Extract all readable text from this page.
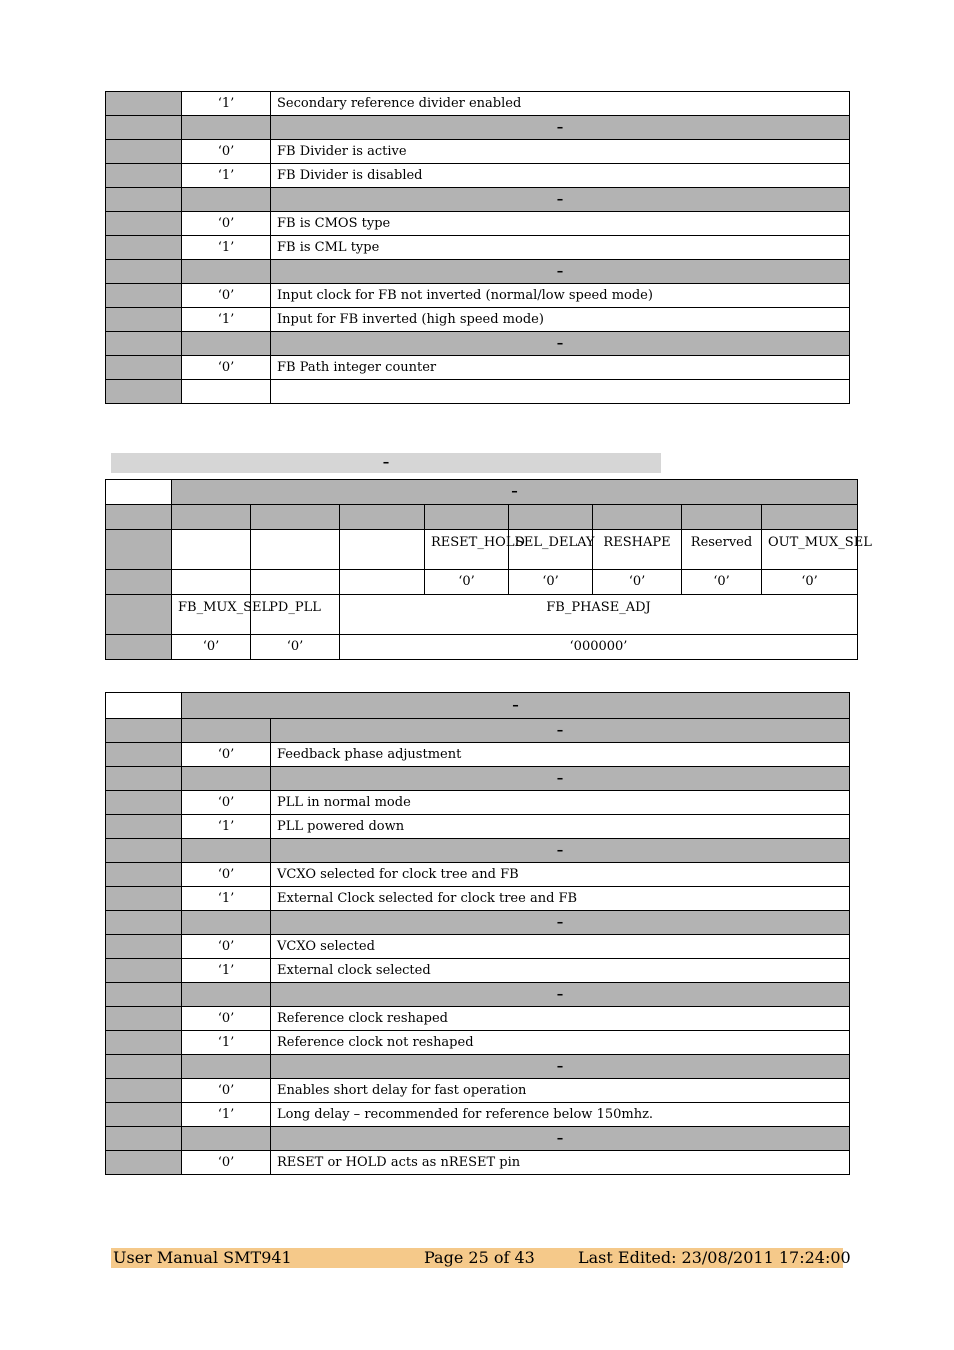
	‘1’	Secondary reference divider enabled
		–
	‘0’	FB Divider is active
	‘1’	FB Divider is disabled
		–
	‘0’	FB is CMOS type
	‘1’	FB is CML type
		–
	‘0’	Input clock for FB not inverted (normal/low speed mode)
	‘1’	Input for FB inverted (high speed mode)
		–
	‘0’	FB Path integer counter

–
	–							

				RESET_HOLD	SEL_DELAY	RESHAPE	Reserved	OUT_MUX_SEL
				‘0’	‘0’	‘0’	‘0’	‘0’
	FB_MUX_SEL	PD_PLL	FB_PHASE_ADJ					
	‘0’	‘0’	‘000000’					
	–	
		–
	‘0’	Feedback phase adjustment
		–
	‘0’	PLL in normal mode
	‘1’	PLL powered down
		–
	‘0’	VCXO selected for clock tree and FB
	‘1’	External Clock selected for clock tree and FB
		–
	‘0’	VCXO selected
	‘1’	External clock selected
		–
	‘0’	Reference clock reshaped
	‘1’	Reference clock not reshaped
		–
	‘0’	Enables short delay for fast operation
	‘1’	Long delay – recommended for reference below 150mhz.
		–
	‘0’	RESET or HOLD acts as nRESET pin
User Manual SMT941	Page 25 of 43	Last Edited: 23/08/2011 17:24:00
